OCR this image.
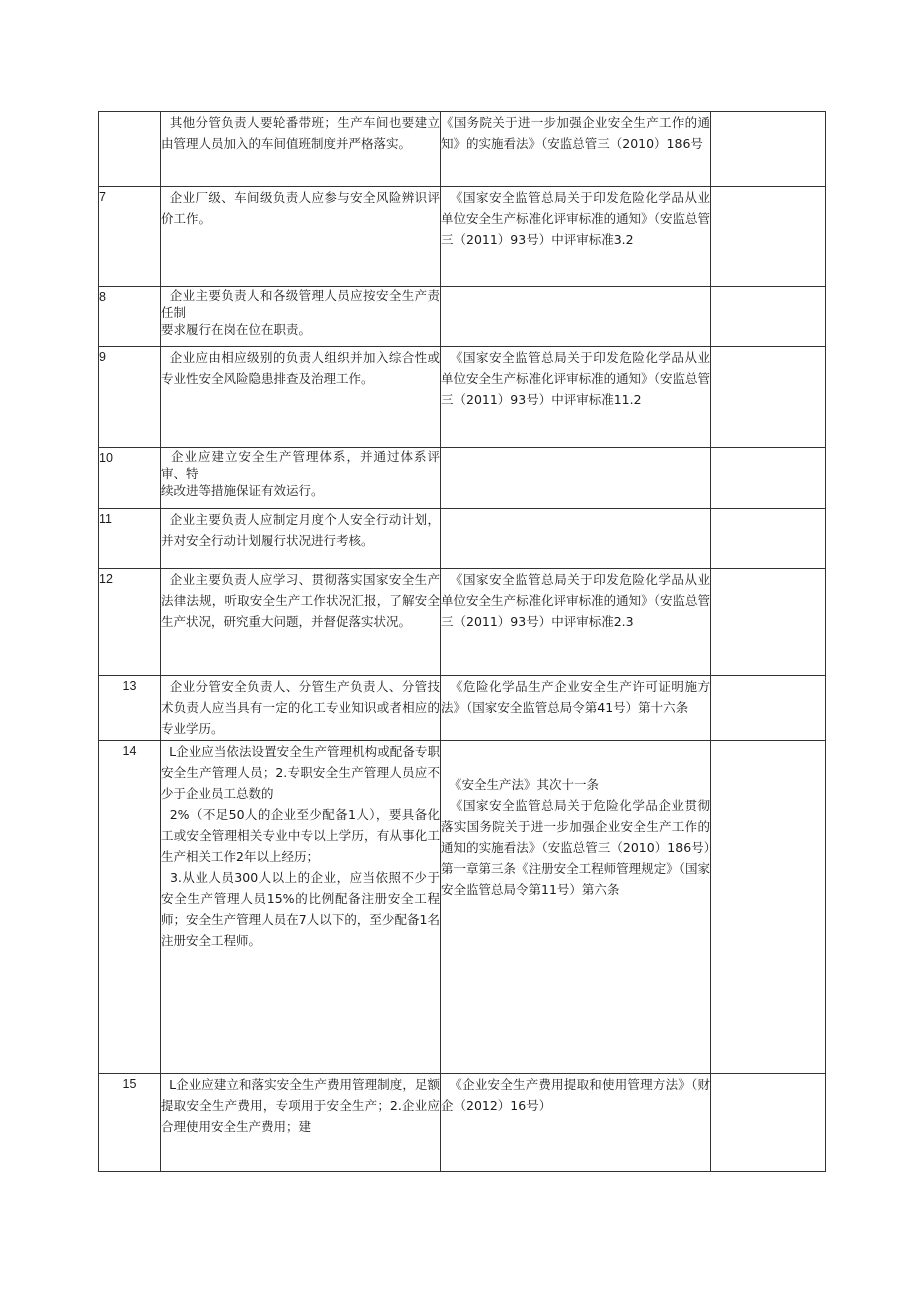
	其他分管负责人要轮番带班；生产车间也要建立由管理人员加入的车间值班制度并严格落实。	《国务院关于进一步加强企业安全生产工作的通知》的实施看法》（安监总管三（2010）186号	

7	企业厂级、车间级负责人应参与安全风险辨识评价工作。	《国家安全监管总局关于印发危险化学品从业单位安全生产标准化评审标准的通知》（安监总管三（2011）93号）中评审标准3.2	

8	企业主要负责人和各级管理人员应按安全生产责任制
要求履行在岗在位在职责。		

9	企业应由相应级别的负责人组织并加入综合性或专业性安全风险隐患排查及治理工作。	《国家安全监管总局关于印发危险化学品从业单位安全生产标准化评审标准的通知》（安监总管三（2011）93号）中评审标准11.2	

10	企业应建立安全生产管理体系，并通过体系评审、特
续改进等措施保证有效运行。		

11	企业主要负责人应制定月度个人安全行动计划，并对安全行动计划履行状况进行考核。		

12	企业主要负责人应学习、贯彻落实国家安全生产法律法规，听取安全生产工作状况汇报，了解安全生产状况，研究重大问题，并督促落实状况。	《国家安全监管总局关于印发危险化学品从业单位安全生产标准化评审标准的通知》（安监总管三（2011）93号）中评审标准2.3	

13	企业分管安全负责人、分管生产负责人、分管技术负责人应当具有一定的化工专业知识或者相应的专业学历。	《危险化学品生产企业安全生产许可证明施方法》（国家安全监管总局令第41号）第十六条	

14	L企业应当依法设置安全生产管理机构或配备专职安全生产管理人员；2.专职安全生产管理人员应不少于企业员工总数的
2%（不足50人的企业至少配备1人），要具备化工或安全管理相关专业中专以上学历，有从事化工生产相关工作2年以上经历；
3.从业人员300人以上的企业，应当依照不少于安全生产管理人员15%的比例配备注册安全工程师；安全生产管理人员在7人以下的，至少配备1名注册安全工程师。	《安全生产法》其次十一条
《国家安全监管总局关于危险化学品企业贯彻落实国务院关于进一步加强企业安全生产工作的通知的实施看法》（安监总管三（2010）186号）第一章第三条《注册安全工程师管理规定》（国家安全监管总局令第11号）第六条	

15	L企业应建立和落实安全生产费用管理制度，足额提取安全生产费用，专项用于安全生产；2.企业应合理使用安全生产费用；建	《企业安全生产费用提取和使用管理方法》（财企（2012）16号）	
